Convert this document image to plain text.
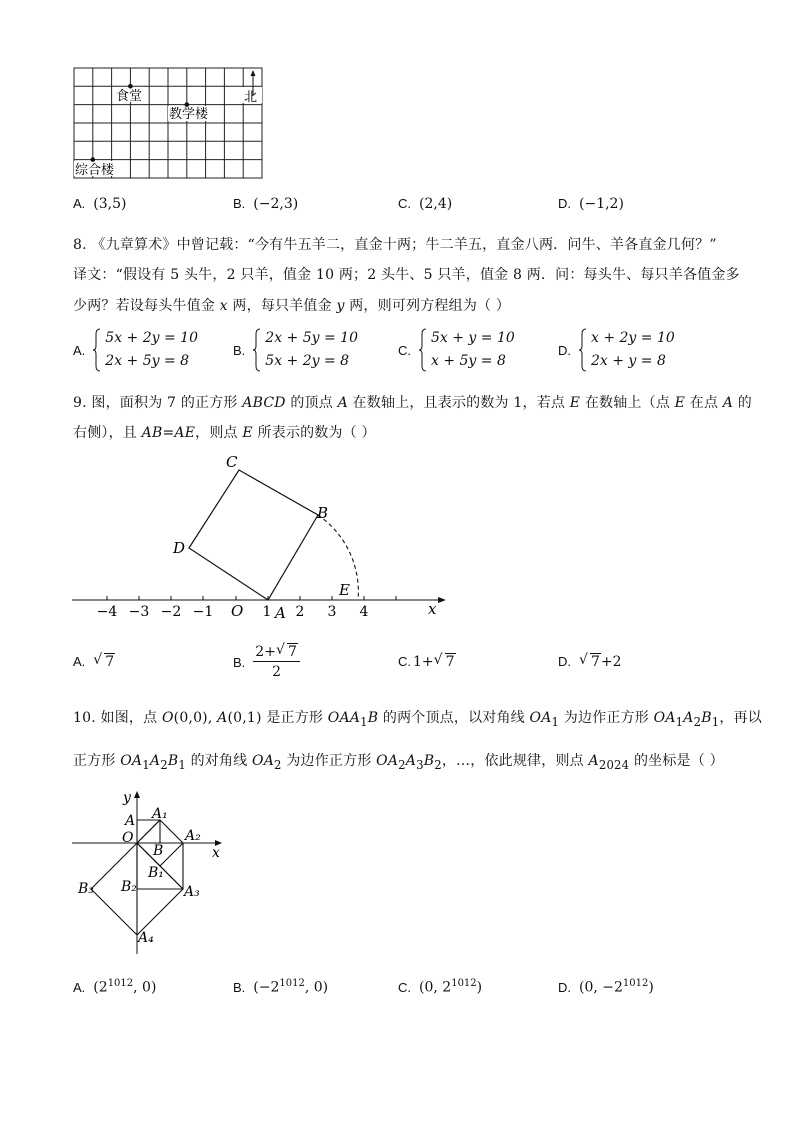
食堂	北
教学楼
综合楼
A. (3,5)	B. (−2,3)	C. (2,4)	D. (−1,2)
8. 《九章算术》中曾记载：“今有牛五羊二，直金十两；牛二羊五，直金八两．问牛、羊各直金几何？”
译文：“假设有 5 头牛，2 只羊，值金 10 两；2 头牛、5 只羊，值金 8 两．问：每头牛、每只羊各值金多
少两？若设每头牛值金 x 两，每只羊值金 y 两，则可列方程组为（ ）
A.
5x + 2y = 10
2x + 5y = 8
B.
2x + 5y = 10
5x + 2y = 8
C.
5x + y = 10
x + 5y = 8
D.
x + 2y = 10
2x + y = 8
9. 图，面积为 7 的正方形 ABCD 的顶点 A 在数轴上，且表示的数为 1，若点 E 在数轴上（点 E 在点 A 的
右侧），且 AB=AE，则点 E 所表示的数为（ ）
C
B
D
E
A
O	x
−4 −3 −2 −1	1 2 3 4
A. √ 7	B. $\frac{2+ √ 7}{2}$	C. 1+ √ 7	D. √ 7+2
10. 如图，点 O(0,0), A(0,1) 是正方形 $OAA_1B$ 的两个顶点，以对角线 $OA_1$ 为边作正方形 $OA_1A_2B_1$，再以
正方形 $OA_1A_2B_1$ 的对角线 $OA_2$ 为边作正方形 $OA_2A_3B_2$，…，依此规律，则点 $A_{2024}$ 的坐标是（ ）
y
A A₁
O	A₂
x
B
B₁
B₃ B₂	A₃
A₄
A. ($2^{1012}$, 0)	B. ($-2^{1012}$, 0)	C. (0, $2^{1012}$)	D. (0, $-2^{1012}$)
